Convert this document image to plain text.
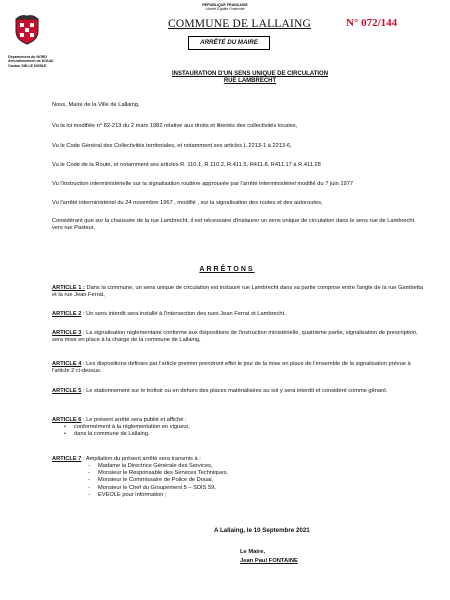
RÉPUBLIQUE FRANÇAISE
Liberté Égalité Fraternité
Département du NORD
Arrondissement de DOUAI
Canton SIN LE NOBLE
COMMUNE DE LALLAING	N° 072/144
ARRÊTÉ DU MAIRE
INSTAURATION D'UN SENS UNIQUE DE CIRCULATION
RUE LAMBRECHT
Nous, Maire de la Ville de Lallaing,
Vu la loi modifiée n° 82-213 du 2 mars 1982 relative aux droits et libertés des collectivités locales,
Vu le Code Général des Collectivités territoriales, et notamment ses articles L.2213-1 à 2213-6,
Vu le Code de la Route, et notamment ses articles R. 110.1, R.110.2, R.411.5, R411.8, R411.17 à R.411.28
Vu l'instruction interministérielle sur la signalisation routière approuvée par l'arrêté interministériel modifié du 7 juin 1977
Vu l'arrêté interministériel du 24 novembre 1967 , modifié , sur la signalisation des routes et des autoroutes,
Considérant que sur la chaussée de la rue Lambrecht, il est nécessaire d'instaurer un sens unique de circulation dans le sens rue de Lambrecht vers rue Pasteur,
ARRÊTONS
ARTICLE 1 : Dans la commune, un sens unique de circulation est instauré rue Lambrecht dans sa partie comprise entre l'angle de la rue Gambetta et la rue Jean Ferrat,
ARTICLE 2 : Un sens interdit sera installé à l'intersection des rues Jean Ferrat et Lambrecht.
ARTICLE 3 : La signalisation réglementaire conforme aux dispositions de l'instruction ministérielle, quatrième partie, signalisation de prescription, sera mise en place à la charge de la commune de Lallaing,
ARTICLE 4 : Les dispositions définies par l'article premier prendront effet le jour de la mise en place de l'ensemble de la signalisation prévue à l'article 2 ci-dessus.
ARTICLE 5 : Le stationnement sur le trottoir ou en dehors des places matérialisées au sol y sera interdit et considéré comme gênant.
ARTICLE 6 : Le présent arrêté sera publié et affiché :
• conformément à la réglementation en vigueur,
• dans la commune de Lallaing.
ARTICLE 7 : Ampliation du présent arrêté sera transmis à :
- Madame la Directrice Générale des Services,
- Monsieur le Responsable des Services Techniques,
- Monsieur le Commissaire de Police de Douai,
- Monsieur le Chef du Groupement 5 – SDIS 59,
- EVEOLE pour information ;
A Lallaing, le 10 Septembre 2021
Le Maire,
Jean Paul FONTAINE
